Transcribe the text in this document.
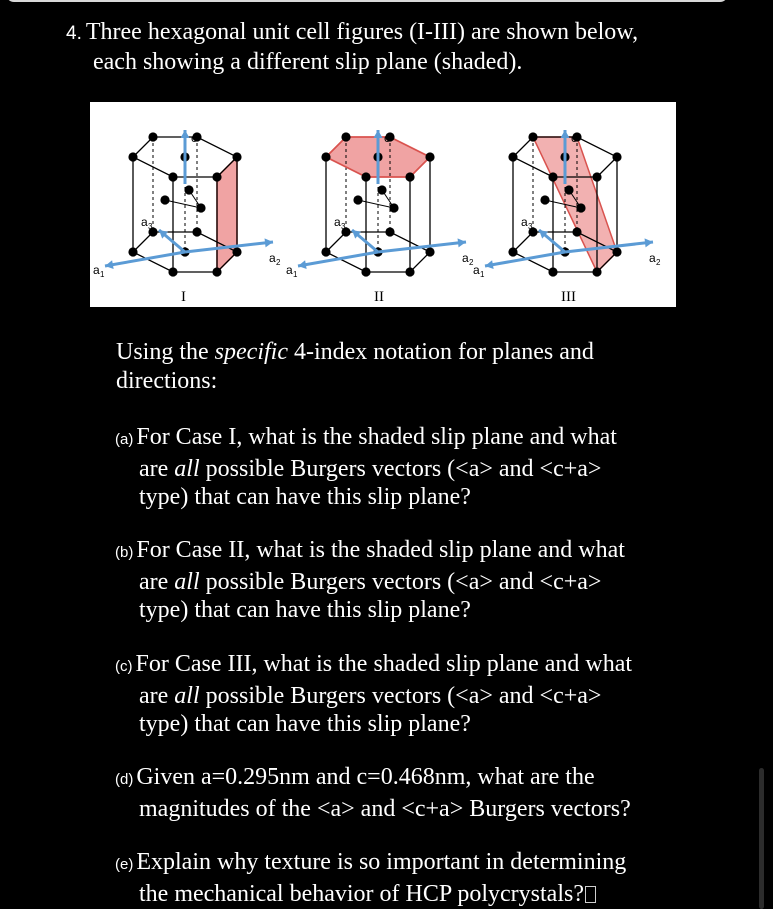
4. Three hexagonal unit cell figures (I-III) are shown below,
each showing a different slip plane (shaded).
c
a 3
a 1
a 2
I
c
a 3
a 1
a 2
II
c
a 3
a 1
a 2
III
Using the specific 4-index notation for planes and
directions:
(a) For Case I, what is the shaded slip plane and what
are all possible Burgers vectors (<a> and <c+a>
type) that can have this slip plane?
(b) For Case II, what is the shaded slip plane and what
are all possible Burgers vectors (<a> and <c+a>
type) that can have this slip plane?
(c) For Case III, what is the shaded slip plane and what
are all possible Burgers vectors (<a> and <c+a>
type) that can have this slip plane?
(d) Given a=0.295nm and c=0.468nm, what are the
magnitudes of the <a> and <c+a> Burgers vectors?
(e) Explain why texture is so important in determining
the mechanical behavior of HCP polycrystals?
